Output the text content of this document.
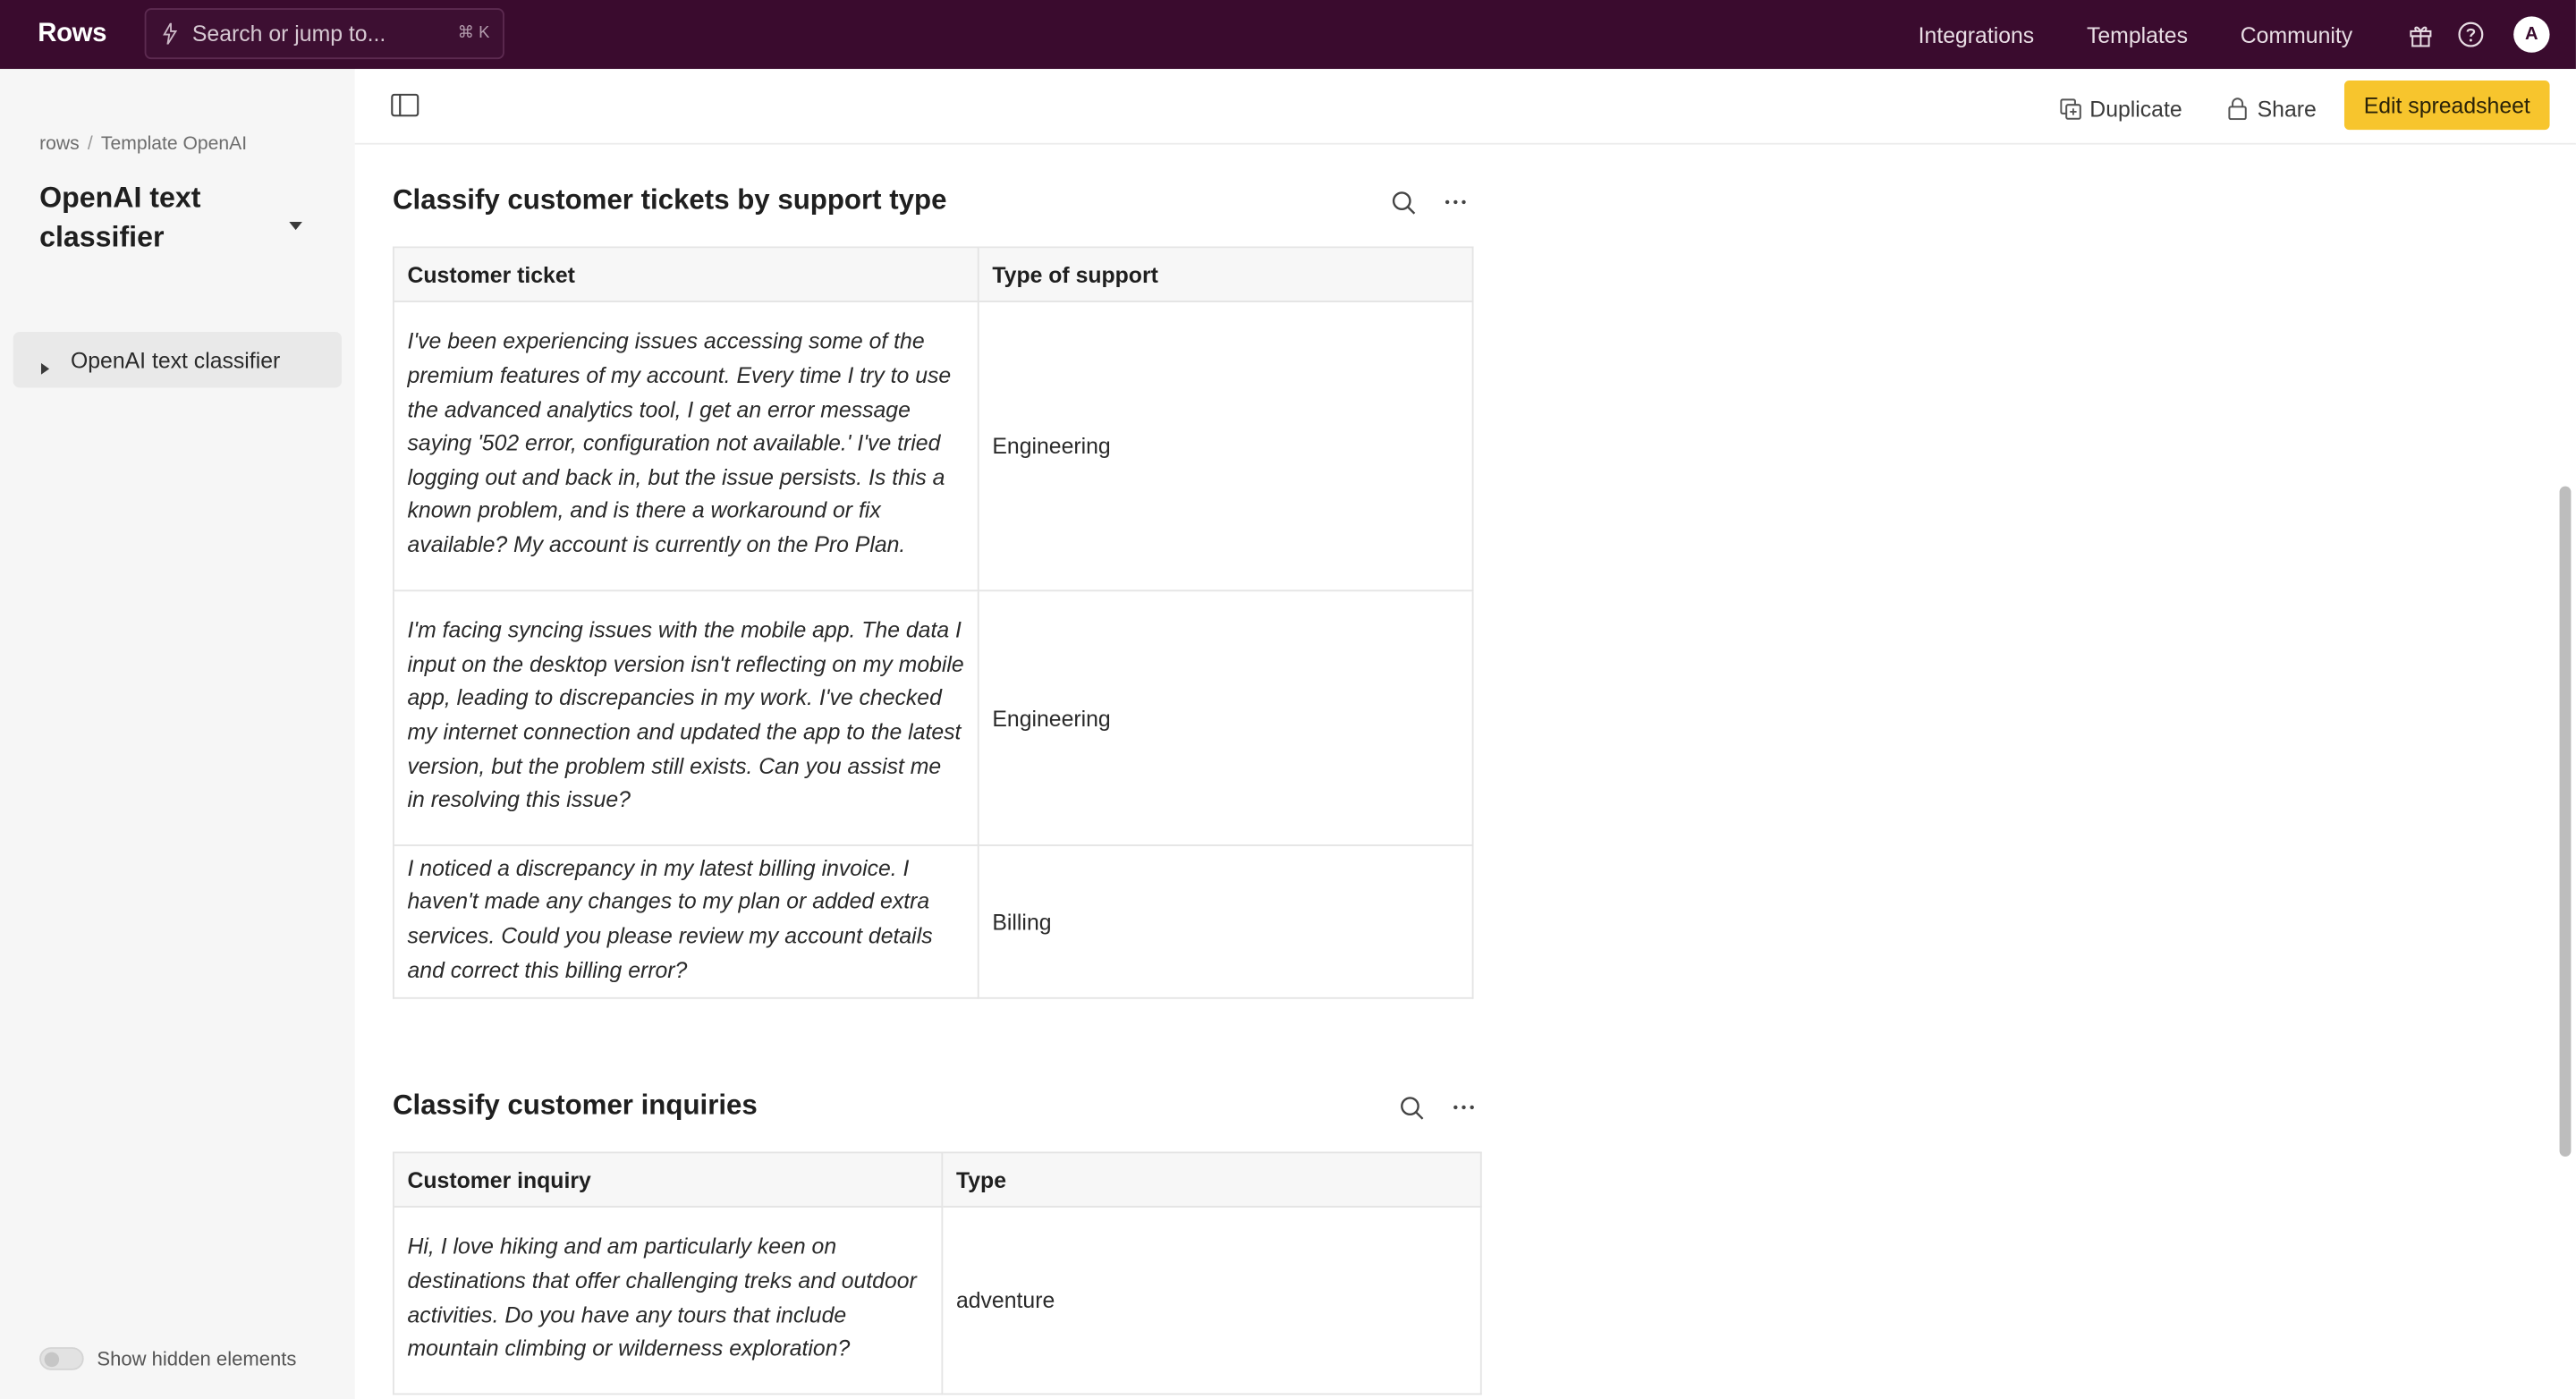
Rows	Search or jump to...	⌘ K	Integrations	Templates	Community	A
rows / Template OpenAI
OpenAI text classifier
OpenAI text classifier
Show hidden elements
Duplicate	Share	Edit spreadsheet
Classify customer tickets by support type
Customer ticket	Type of support
I've been experiencing issues accessing some of the premium features of my account. Every time I try to use the advanced analytics tool, I get an error message saying '502 error, configuration not available.' I've tried logging out and back in, but the issue persists. Is this a known problem, and is there a workaround or fix available? My account is currently on the Pro Plan.	Engineering
I'm facing syncing issues with the mobile app. The data I input on the desktop version isn't reflecting on my mobile app, leading to discrepancies in my work. I've checked my internet connection and updated the app to the latest version, but the problem still exists. Can you assist me in resolving this issue?	Engineering
I noticed a discrepancy in my latest billing invoice. I haven't made any changes to my plan or added extra services. Could you please review my account details and correct this billing error?	Billing
Classify customer inquiries
Customer inquiry	Type
Hi, I love hiking and am particularly keen on destinations that offer challenging treks and outdoor activities. Do you have any tours that include mountain climbing or wilderness exploration?	adventure
